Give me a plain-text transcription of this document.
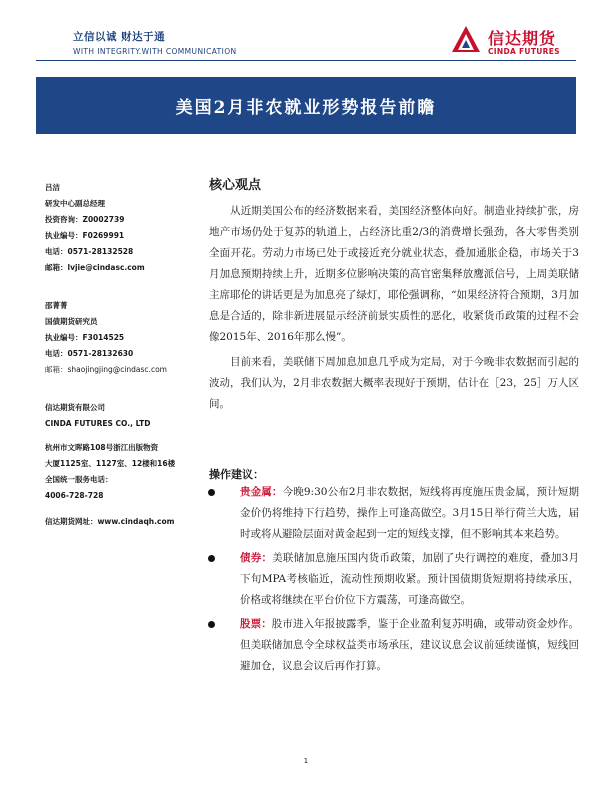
立信以诚 财达于通
WITH INTEGRITY.WITH COMMUNICATION
信达期货
CINDA FUTURES
美国2月非农就业形势报告前瞻
吕洁
研发中心副总经理
投资咨询：Z0002739
执业编号：F0269991
电话：0571-28132528
邮箱：lvjie@cindasc.com
邵菁菁
国债期货研究员
执业编号：F3014525
电话：0571-28132630
邮箱：shaojingjing@cindasc.com
信达期货有限公司
CINDA FUTURES CO., LTD
杭州市文晖路108号浙江出版物资
大厦1125室、1127室、12楼和16楼
全国统一服务电话：
4006-728-728
信达期货网址：www.cindaqh.com
核心观点

从近期美国公布的经济数据来看，美国经济整体向好。制造业持续扩张，房地产市场仍处于复苏的轨道上，占经济比重2/3的消费增长强劲，各大零售类别全面开花。劳动力市场已处于或接近充分就业状态，叠加通胀企稳，市场关于3月加息预期持续上升，近期多位影响决策的高官密集释放鹰派信号，上周美联储主席耶伦的讲话更是为加息亮了绿灯，耶伦强调称，“如果经济符合预期，3月加息是合适的，除非新进展显示经济前景实质性的恶化，收紧货币政策的过程不会像2015年、2016年那么慢”。

目前来看，美联储下周加息加息几乎成为定局，对于今晚非农数据而引起的波动，我们认为，2月非农数据大概率表现好于预期，估计在［23，25］万人区间。

操作建议：
贵金属：今晚9:30公布2月非农数据，短线将再度施压贵金属，预计短期金价仍将维持下行趋势，操作上可逢高做空。3月15日举行荷兰大选，届时或将从避险层面对黄金起到一定的短线支撑，但不影响其本来趋势。
债券：美联储加息施压国内货币政策，加剧了央行调控的难度，叠加3月下旬MPA考核临近，流动性预期收紧。预计国债期货短期将持续承压，价格或将继续在平台价位下方震荡，可逢高做空。
股票：股市进入年报披露季，鉴于企业盈利复苏明确，或带动资金炒作。 但美联储加息令全球权益类市场承压，建议议息会议前延续谨慎，短线回避加仓，议息会议后再作打算。
1
